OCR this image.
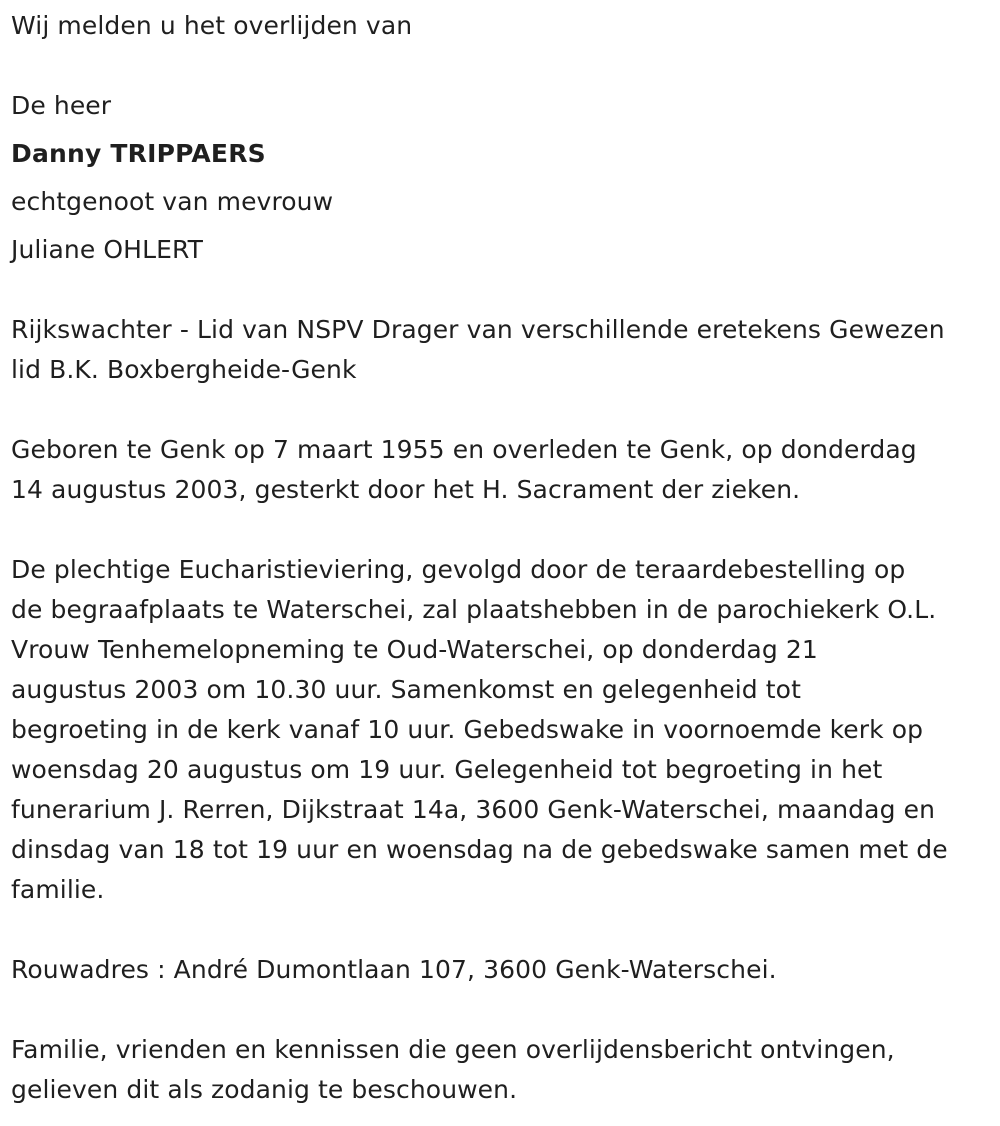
Wij melden u het overlijden van
De heer
Danny TRIPPAERS
echtgenoot van mevrouw
Juliane OHLERT
Rijkswachter - Lid van NSPV Drager van verschillende eretekens Gewezen
lid B.K. Boxbergheide-Genk
Geboren te Genk op 7 maart 1955 en overleden te Genk, op donderdag
14 augustus 2003, gesterkt door het H. Sacrament der zieken.
De plechtige Eucharistieviering, gevolgd door de teraardebestelling op
de begraafplaats te Waterschei, zal plaatshebben in de parochiekerk O.L.
Vrouw Tenhemelopneming te Oud-Waterschei, op donderdag 21
augustus 2003 om 10.30 uur. Samenkomst en gelegenheid tot
begroeting in de kerk vanaf 10 uur. Gebedswake in voornoemde kerk op
woensdag 20 augustus om 19 uur. Gelegenheid tot begroeting in het
funerarium J. Rerren, Dijkstraat 14a, 3600 Genk-Waterschei, maandag en
dinsdag van 18 tot 19 uur en woensdag na de gebedswake samen met de
familie.
Rouwadres : André Dumontlaan 107, 3600 Genk-Waterschei.
Familie, vrienden en kennissen die geen overlijdensbericht ontvingen,
gelieven dit als zodanig te beschouwen.
